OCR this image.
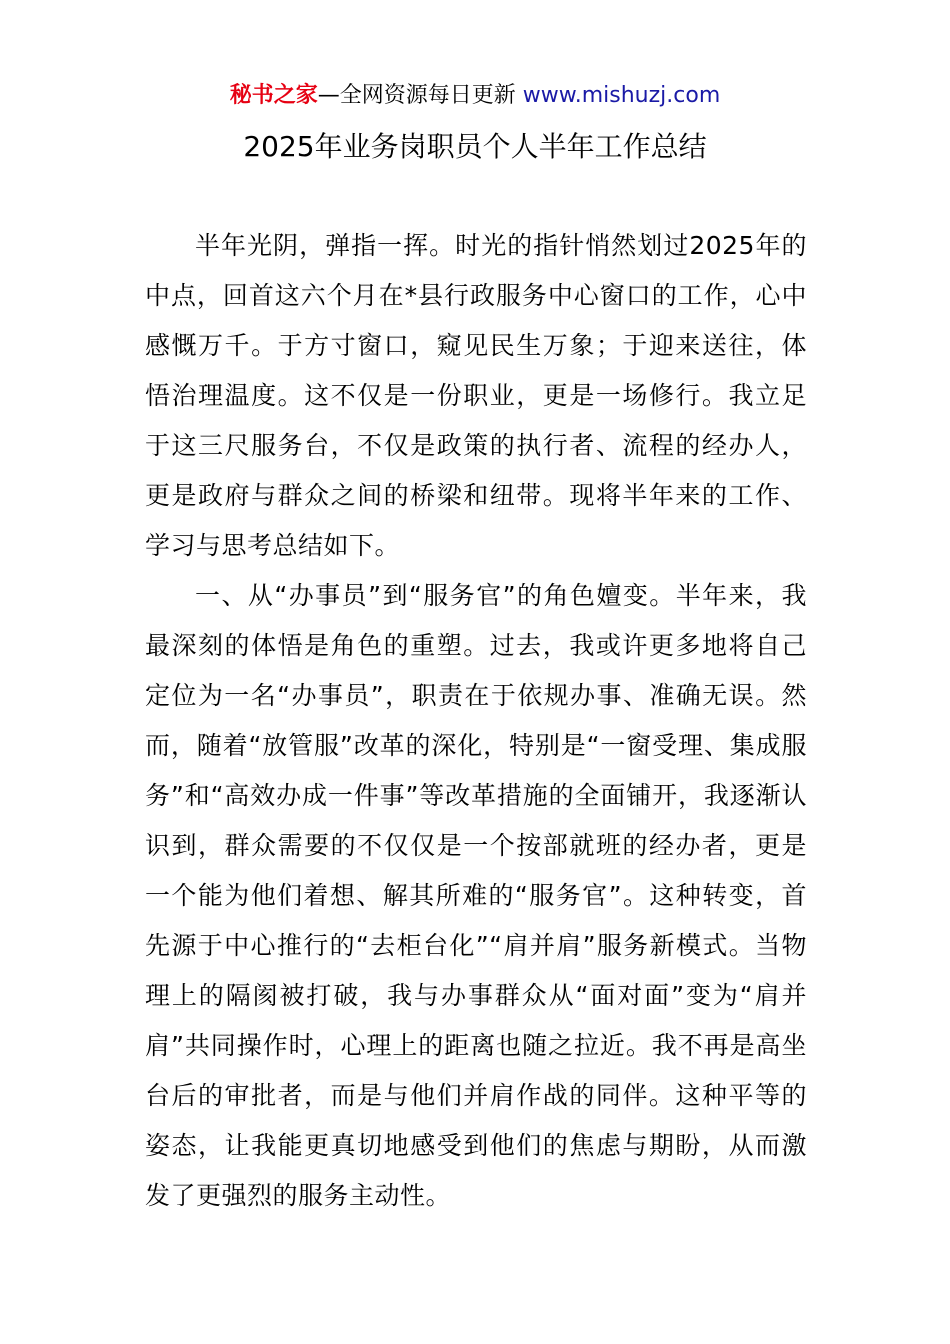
秘书之家—全网资源每日更新 www.mishuzj.com
2025年业务岗职员个人半年工作总结

半年光阴，弹指一挥。时光的指针悄然划过2025年的中点，回首这六个月在*县行政服务中心窗口的工作，心中感慨万千。于方寸窗口，窥见民生万象；于迎来送往，体悟治理温度。这不仅是一份职业，更是一场修行。我立足于这三尺服务台，不仅是政策的执行者、流程的经办人，更是政府与群众之间的桥梁和纽带。现将半年来的工作、学习与思考总结如下。

一、从“办事员”到“服务官”的角色嬗变。半年来，我最深刻的体悟是角色的重塑。过去，我或许更多地将自己定位为一名“办事员”，职责在于依规办事、准确无误。然而，随着“放管服”改革的深化，特别是“一窗受理、集成服务”和“高效办成一件事”等改革措施的全面铺开，我逐渐认识到，群众需要的不仅仅是一个按部就班的经办者，更是一个能为他们着想、解其所难的“服务官”。这种转变，首先源于中心推行的“去柜台化”“肩并肩”服务新模式。当物理上的隔阂被打破，我与办事群众从“面对面”变为“肩并肩”共同操作时，心理上的距离也随之拉近。我不再是高坐台后的审批者，而是与他们并肩作战的同伴。这种平等的姿态，让我能更真切地感受到他们的焦虑与期盼，从而激发了更强烈的服务主动性。
